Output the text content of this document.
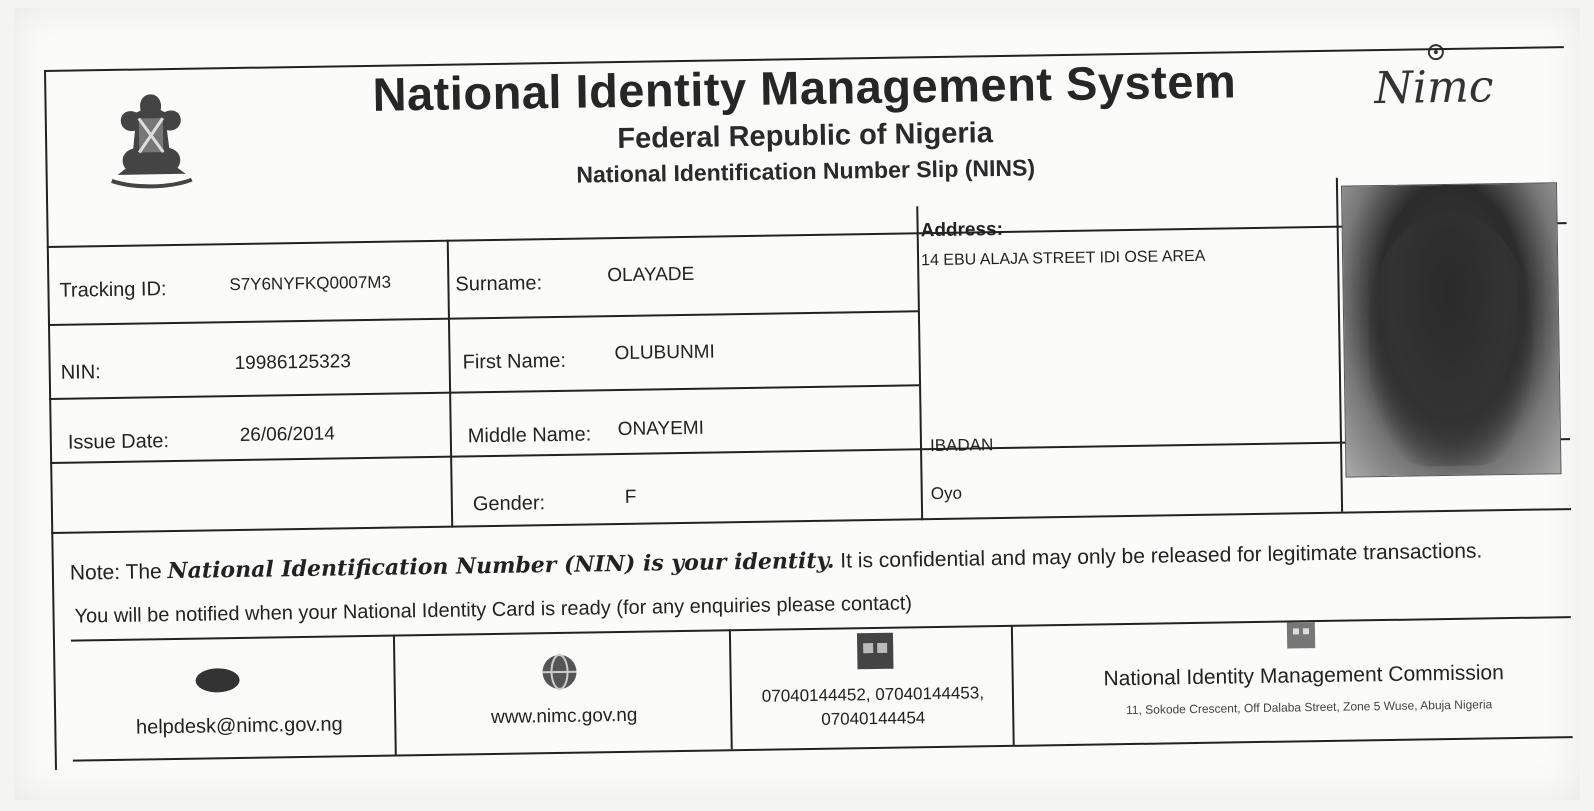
National Identity Management System
Federal Republic of Nigeria
National Identification Number Slip (NINS)
Nimc
Tracking ID:	S7Y6NYFKQ0007M3
NIN:	19986125323
Issue Date:	26/06/2014
Surname:	OLAYADE
First Name:	OLUBUNMI
Middle Name: ONAYEMI
Gender:	F
Address:
14 EBU ALAJA STREET IDI OSE AREA
IBADAN
Oyo
Note: The National Identification Number (NIN) is your identity. It is confidential and may only be released for legitimate transactions.
You will be notified when your National Identity Card is ready (for any enquiries please contact)
helpdesk@nimc.gov.ng	www.nimc.gov.ng
07040144452, 07040144453,
07040144454
National Identity Management Commission
11, Sokode Crescent, Off Dalaba Street, Zone 5 Wuse, Abuja Nigeria
